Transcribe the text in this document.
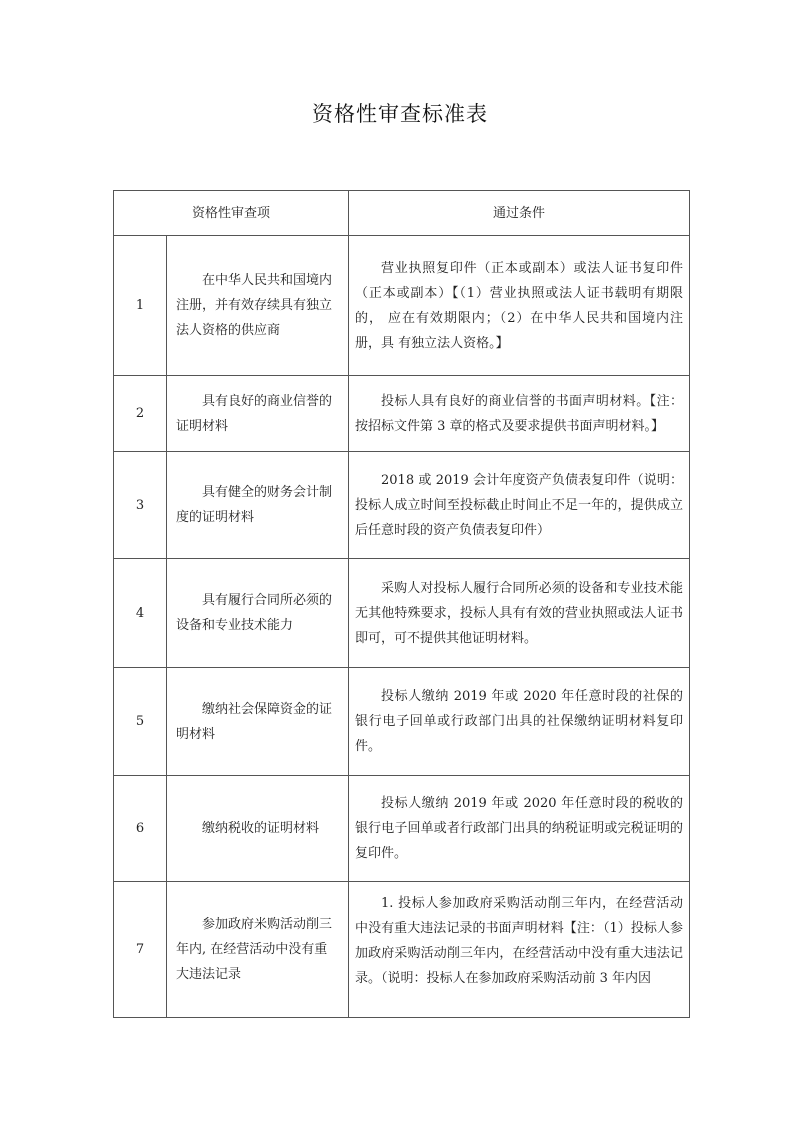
资格性审查标准表
资格性审查项		通过条件
1	在中华人民共和国境内注册，并有效存续具有独立法人资格的供应商	营业执照复印件（正本或副本）或法人证书复印件（正本或副本）【（1）营业执照或法人证书载明有期限的， 应在有效期限内；（2）在中华人民共和国境内注册，具 有独立法人资格。】
2	具有良好的商业信誉的证明材料	投标人具有良好的商业信誉的书面声明材料。【注：按招标文件第 3 章的格式及要求提供书面声明材料。】
3	具有健全的财务会计制度的证明材料	2018 或 2019 会计年度资产负债表复印件（说明：投标人成立时间至投标截止时间止不足一年的，提供成立后任意时段的资产负债表复印件）
4	具有履行合同所必须的设备和专业技术能力	采购人对投标人履行合同所必须的设备和专业技术能无其他特殊要求，投标人具有有效的营业执照或法人证书即可，可不提供其他证明材料。
5	缴纳社会保障资金的证明材料	投标人缴纳 2019 年或 2020 年任意时段的社保的银行电子回单或行政部门出具的社保缴纳证明材料复印 件。
6	缴纳税收的证明材料	投标人缴纳 2019 年或 2020 年任意时段的税收的银行电子回单或者行政部门出具的纳税证明或完税证明的复印件。
7	参加政府米购活动削三年内, 在经营活动中没有重 大违法记录	1. 投标人参加政府采购活动削三年内，在经营活动中没有重大违法记录的书面声明材料【注：（1）投标人参加政府采购活动削三年内，在经营活动中没有重大违法记录。（说明：投标人在参加政府采购活动前 3 年内因
